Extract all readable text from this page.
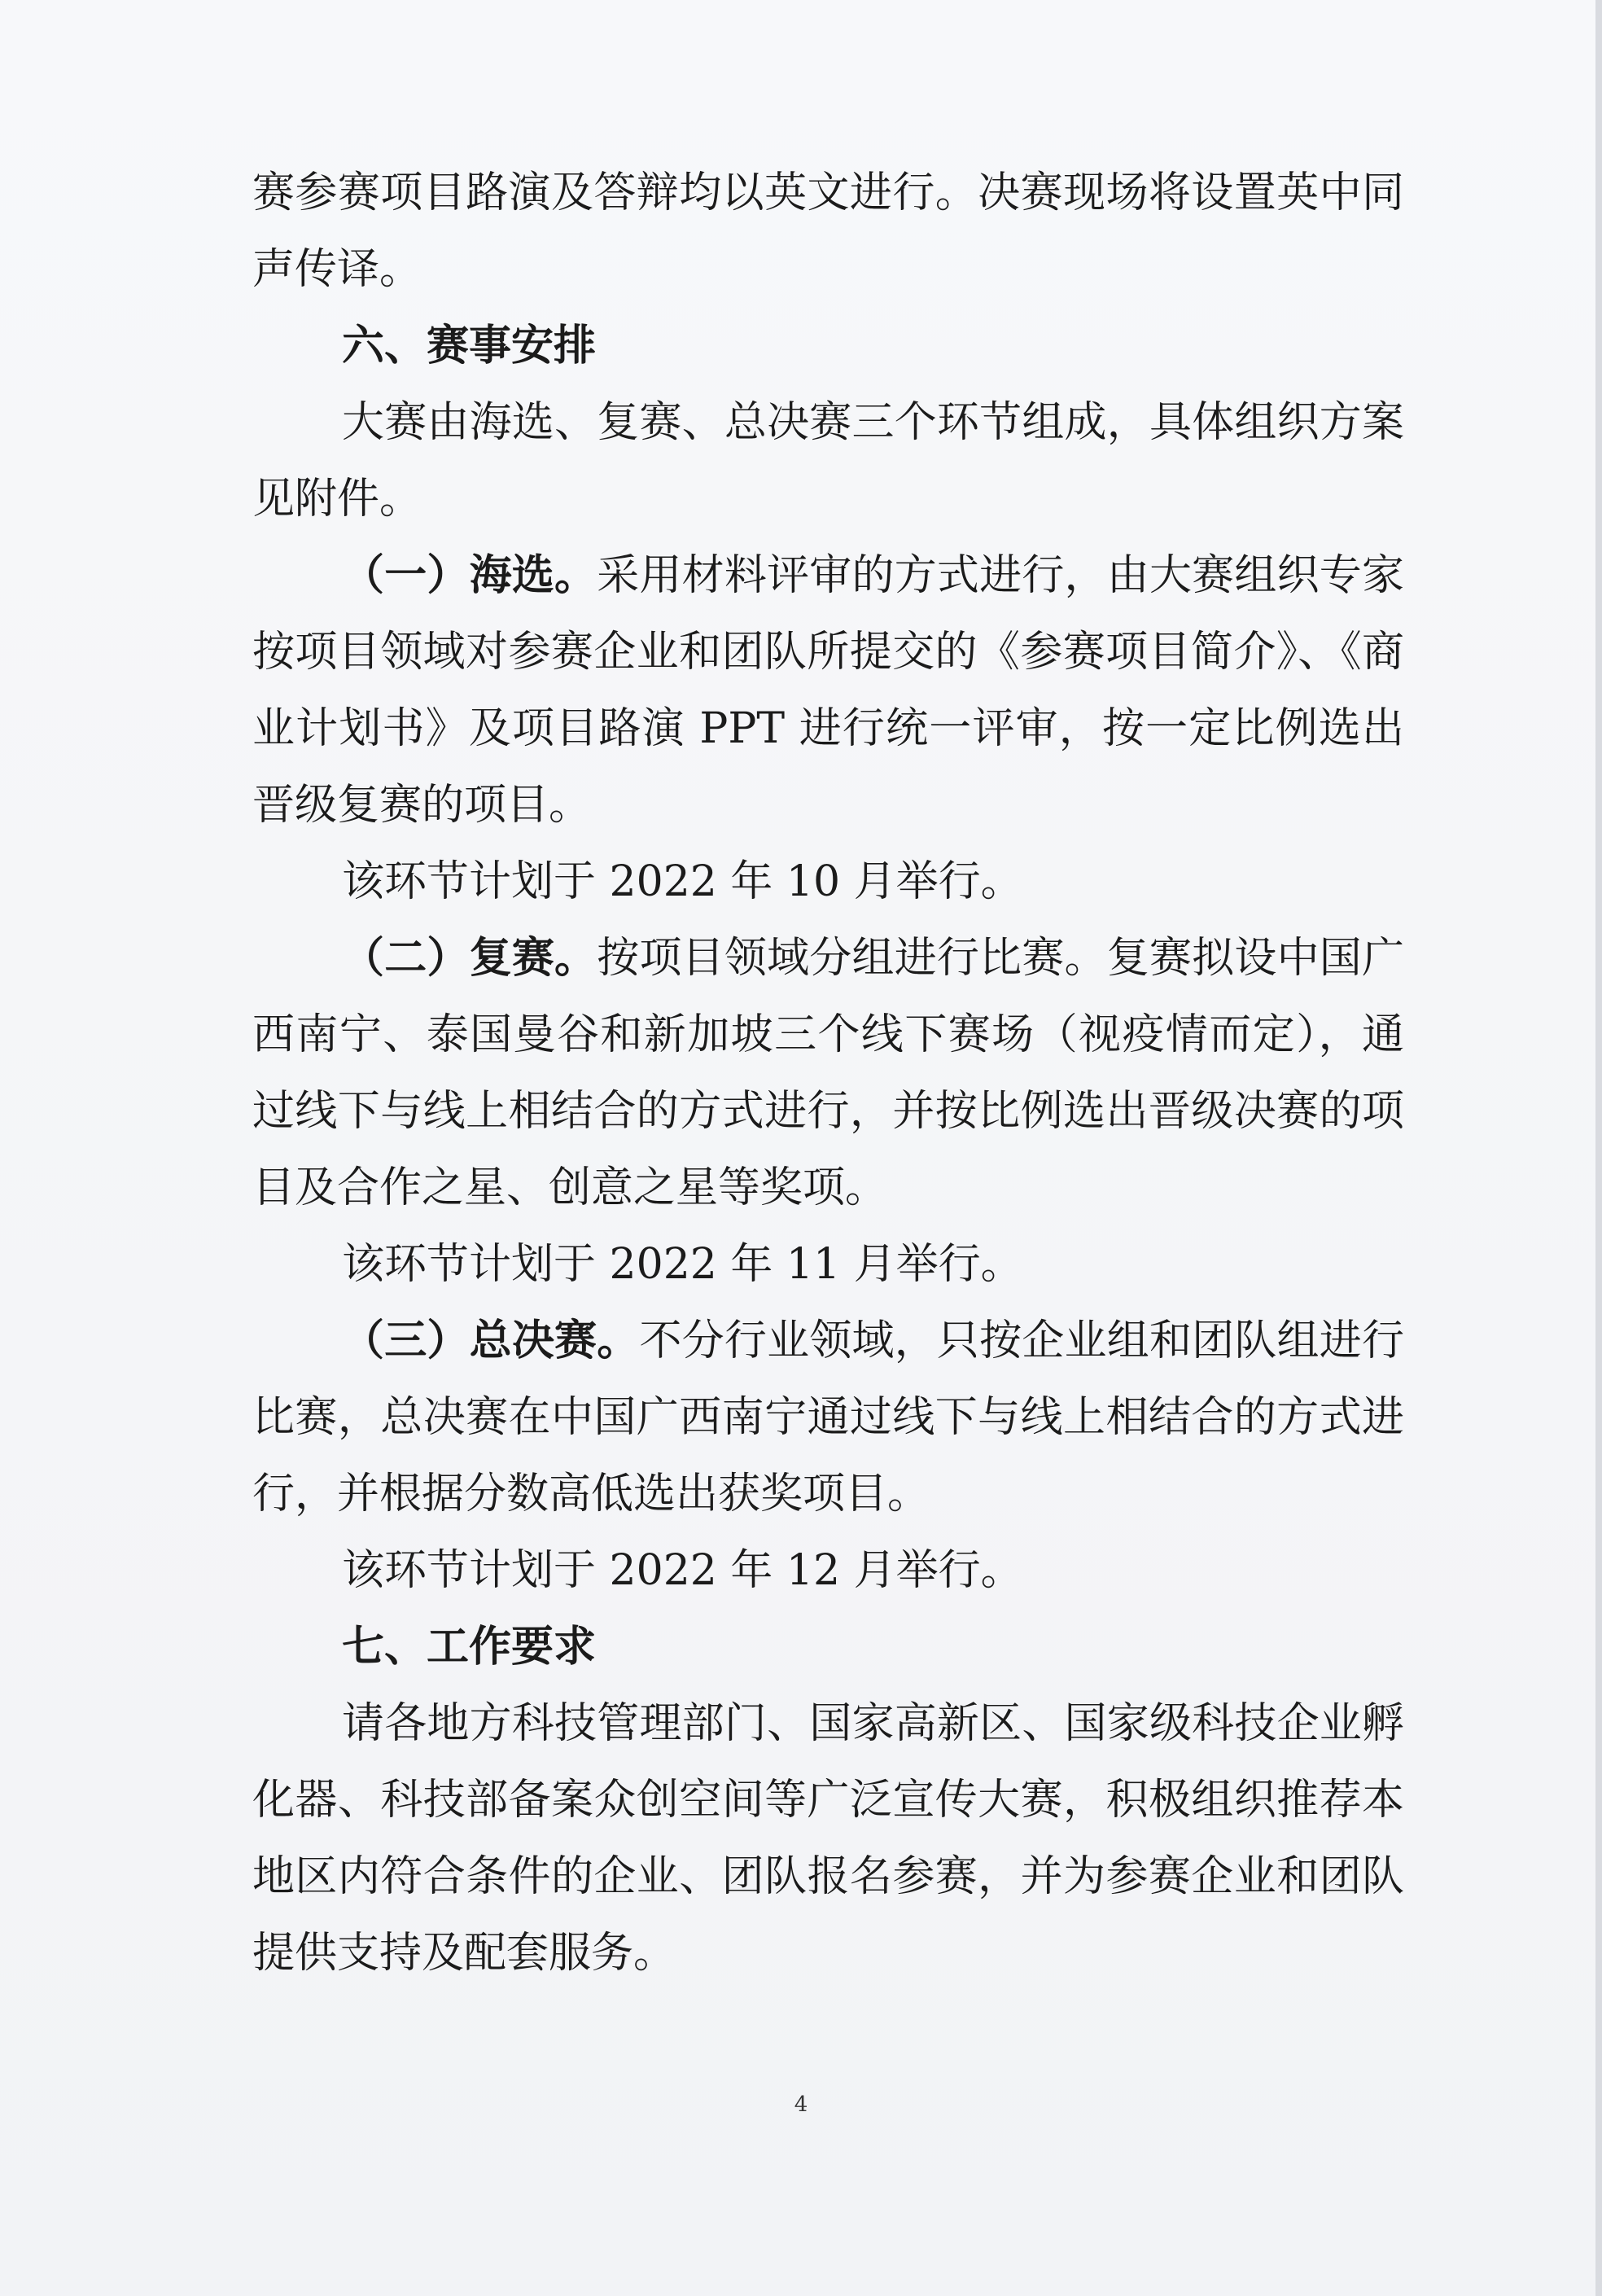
赛参赛项目路演及答辩均以英文进行。决赛现场将设置英中同声传译。

六、赛事安排

大赛由海选、复赛、总决赛三个环节组成，具体组织方案见附件。

（一）海选。采用材料评审的方式进行，由大赛组织专家按项目领域对参赛企业和团队所提交的《参赛项目简介》、《商业计划书》及项目路演 PPT 进行统一评审，按一定比例选出晋级复赛的项目。

该环节计划于 2022 年 10 月举行。

（二）复赛。按项目领域分组进行比赛。复赛拟设中国广西南宁、泰国曼谷和新加坡三个线下赛场（视疫情而定），通过线下与线上相结合的方式进行，并按比例选出晋级决赛的项目及合作之星、创意之星等奖项。

该环节计划于 2022 年 11 月举行。

（三）总决赛。不分行业领域，只按企业组和团队组进行比赛，总决赛在中国广西南宁通过线下与线上相结合的方式进行，并根据分数高低选出获奖项目。

该环节计划于 2022 年 12 月举行。

七、工作要求

请各地方科技管理部门、国家高新区、国家级科技企业孵化器、科技部备案众创空间等广泛宣传大赛，积极组织推荐本地区内符合条件的企业、团队报名参赛，并为参赛企业和团队提供支持及配套服务。

4
